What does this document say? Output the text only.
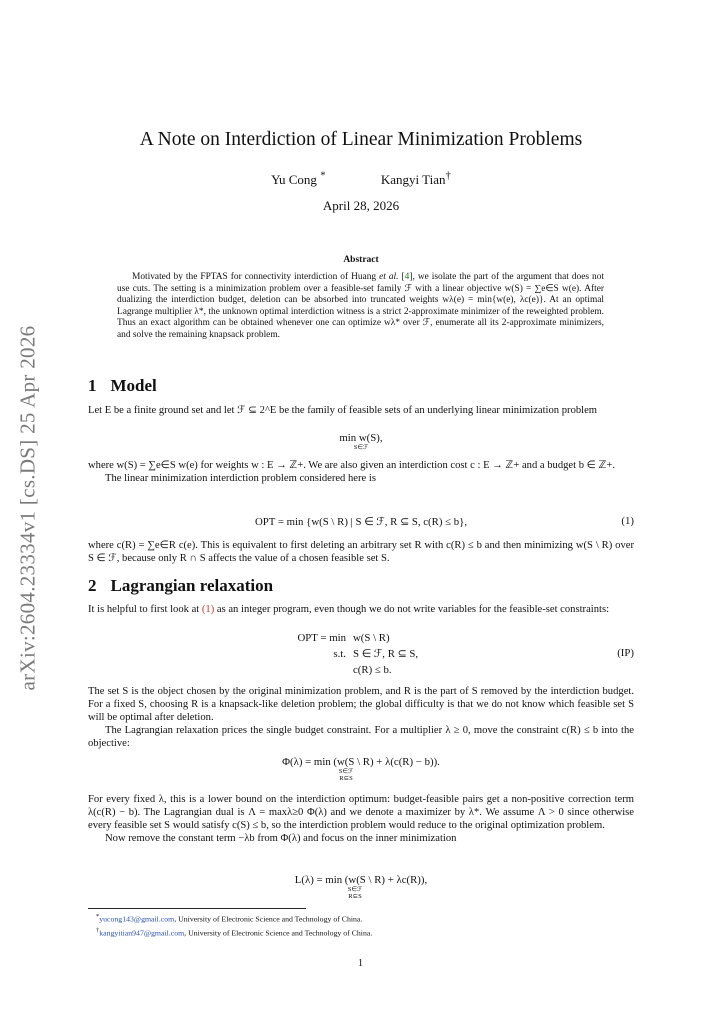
arXiv:2604.23334v1 [cs.DS] 25 Apr 2026
A Note on Interdiction of Linear Minimization Problems
Yu Cong *	Kangyi Tian†
April 28, 2026
Abstract

Motivated by the FPTAS for connectivity interdiction of Huang et al. [4], we isolate the part of the argument that does not use cuts. The setting is a minimization problem over a feasible-set family ℱ with a linear objective w(S) = ∑e∈S w(e). After dualizing the interdiction budget, deletion can be absorbed into truncated weights wλ(e) = min{w(e), λc(e)}. At an optimal Lagrange multiplier λ*, the unknown optimal interdiction witness is a strict 2-approximate minimizer of the reweighted problem. Thus an exact algorithm can be obtained whenever one can optimize wλ* over ℱ, enumerate all its 2-approximate minimizers, and solve the remaining knapsack problem.

1 Model

Let E be a finite ground set and let ℱ ⊆ 2^E be the family of feasible sets of an underlying linear minimization problem

min w(S),
S∈ℱ

where w(S) = ∑e∈S w(e) for weights w : E → ℤ+. We are also given an interdiction cost c : E → ℤ+ and a budget b ∈ ℤ+.

The linear minimization interdiction problem considered here is

OPT = min {w(S \ R) | S ∈ ℱ, R ⊆ S, c(R) ≤ b},	(1)

where c(R) = ∑e∈R c(e). This is equivalent to first deleting an arbitrary set R with c(R) ≤ b and then minimizing w(S \ R) over S ∈ ℱ, because only R ∩ S affects the value of a chosen feasible set S.

2 Lagrangian relaxation

It is helpful to first look at (1) as an integer program, even though we do not write variables for the feasible-set constraints:

OPT = min w(S \ R)
s.t. S ∈ ℱ, R ⊆ S,
c(R) ≤ b.
(IP)

The set S is the object chosen by the original minimization problem, and R is the part of S removed by the interdiction budget. For a fixed S, choosing R is a knapsack-like deletion problem; the global difficulty is that we do not know which feasible set S will be optimal after deletion.

The Lagrangian relaxation prices the single budget constraint. For a multiplier λ ≥ 0, move the constraint c(R) ≤ b into the objective:

Φ(λ) = min (w(S \ R) + λ(c(R) − b)).
S∈ℱ
R⊆S

For every fixed λ, this is a lower bound on the interdiction optimum: budget-feasible pairs get a non-positive correction term λ(c(R) − b). The Lagrangian dual is Λ = maxλ≥0 Φ(λ) and we denote a maximizer by λ*. We assume Λ > 0 since otherwise every feasible set S would satisfy c(S) ≤ b, so the interdiction problem would reduce to the original optimization problem.

Now remove the constant term −λb from Φ(λ) and focus on the inner minimization

L(λ) = min (w(S \ R) + λc(R)),
S∈ℱ
R⊆S
*yucong143@gmail.com, University of Electronic Science and Technology of China.
†kangyitian947@gmail.com, University of Electronic Science and Technology of China.
1
